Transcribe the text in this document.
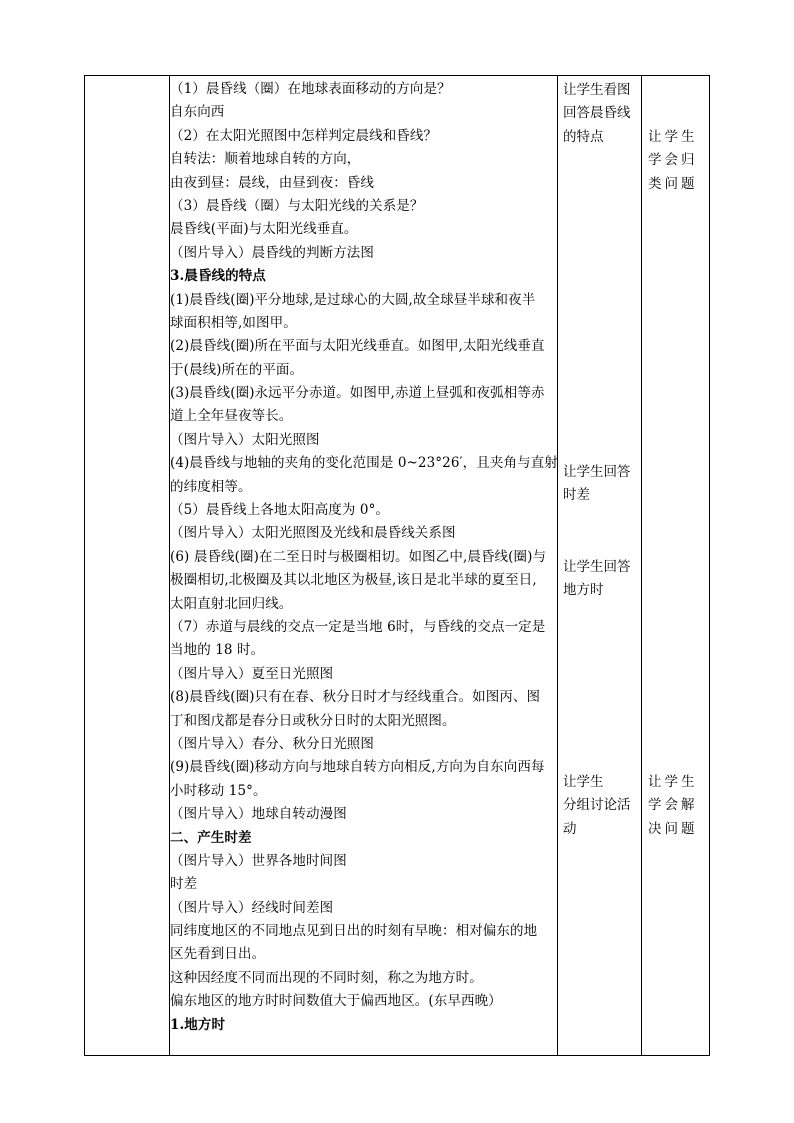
（1）晨昏线（圈）在地球表面移动的方向是？
自东向西
（2）在太阳光照图中怎样判定晨线和昏线？
自转法：顺着地球自转的方向，
由夜到昼：晨线，由昼到夜：昏线
（3）晨昏线（圈）与太阳光线的关系是？
晨昏线(平面)与太阳光线垂直。
（图片导入）晨昏线的判断方法图
3.晨昏线的特点
(1)晨昏线(圈)平分地球,是过球心的大圆,故全球昼半球和夜半
球面积相等,如图甲。
(2)晨昏线(圈)所在平面与太阳光线垂直。如图甲,太阳光线垂直
于(晨线)所在的平面。
(3)晨昏线(圈)永远平分赤道。如图甲,赤道上昼弧和夜弧相等赤
道上全年昼夜等长。
（图片导入）太阳光照图
(4)晨昏线与地轴的夹角的变化范围是 0~23°26′，且夹角与直射
的纬度相等。
（5）晨昏线上各地太阳高度为 0°。
（图片导入）太阳光照图及光线和晨昏线关系图
(6) 晨昏线(圈)在二至日时与极圈相切。如图乙中,晨昏线(圈)与
极圈相切,北极圈及其以北地区为极昼,该日是北半球的夏至日,
太阳直射北回归线。
（7）赤道与晨线的交点一定是当地 6时，与昏线的交点一定是
当地的 18 时。
（图片导入）夏至日光照图
(8)晨昏线(圈)只有在春、秋分日时才与经线重合。如图丙、图
丁和图戊都是春分日或秋分日时的太阳光照图。
（图片导入）春分、秋分日光照图
(9)晨昏线(圈)移动方向与地球自转方向相反,方向为自东向西每
小时移动 15°。
（图片导入）地球自转动漫图
二、产生时差
（图片导入）世界各地时间图
时差
（图片导入）经线时间差图
同纬度地区的不同地点见到日出的时刻有早晚：相对偏东的地
区先看到日出。
这种因经度不同而出现的不同时刻，称之为地方时。
偏东地区的地方时时间数值大于偏西地区。(东早西晚）
1.地方时
让学生看图
回答晨昏线
的特点
让学生回答
时差
让学生回答
地方时
让学生
分组讨论活
动
让学生
学会归
类问题
让学生
学会解
决问题
